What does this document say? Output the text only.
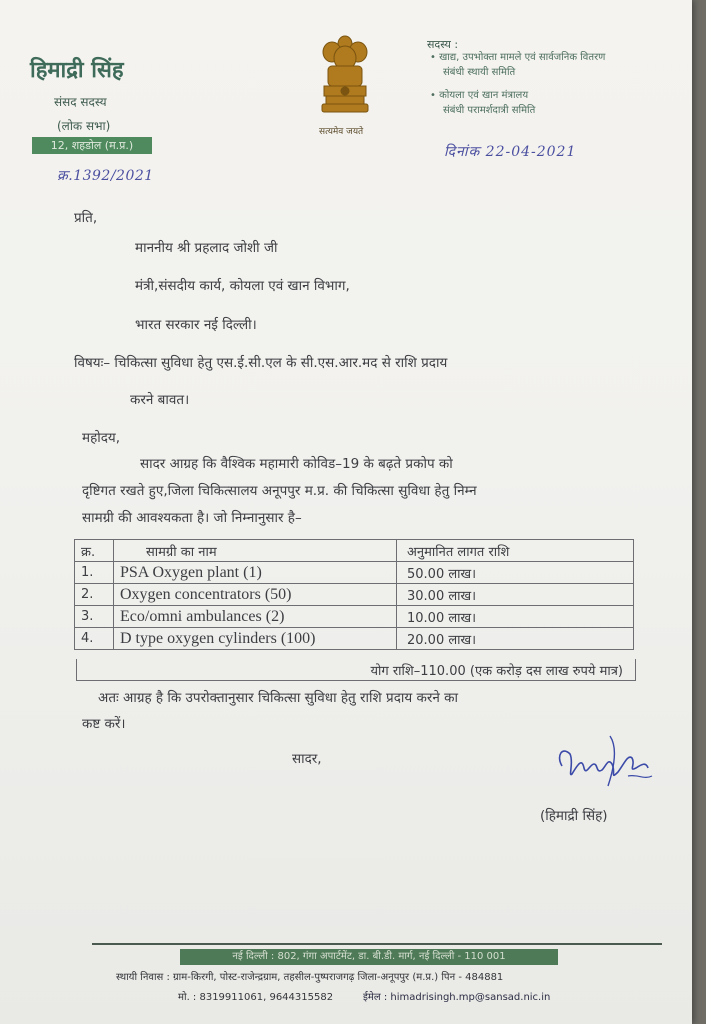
हिमाद्री सिंह
संसद सदस्य
(लोक सभा)
12, शहडोल (म.प्र.)
सत्यमेव जयते
सदस्य :
• खाद्य, उपभोक्ता मामले एवं सार्वजनिक वितरण
संबंधी स्थायी समिति
• कोयला एवं खान मंत्रालय
संबंधी परामर्शदात्री समिति
दिनांक 22-04-2021
क्र.1392/2021
प्रति,
माननीय श्री प्रहलाद जोशी जी
मंत्री,संसदीय कार्य, कोयला एवं खान विभाग,
भारत सरकार नई दिल्ली।
विषयः– चिकित्सा सुविधा हेतु एस.ई.सी.एल के सी.एस.आर.मद से राशि प्रदाय
करने बावत।
महोदय,
सादर आग्रह कि वैश्विक महामारी कोविड–19 के बढ़ते प्रकोप को
दृष्टिगत रखते हुए,जिला चिकित्सालय अनूपपुर म.प्र. की चिकित्सा सुविधा हेतु निम्न
सामग्री की आवश्यकता है। जो निम्नानुसार है–
क्र.	सामग्री का नाम	अनुमानित लागत राशि
1.	PSA Oxygen plant (1)	50.00 लाख।
2.	Oxygen concentrators (50)	30.00 लाख।
3.	Eco/omni ambulances (2)	10.00 लाख।
4.	D type oxygen cylinders (100)	20.00 लाख।
योग राशि–110.00 (एक करोड़ दस लाख रुपये मात्र)
अतः आग्रह है कि उपरोक्तानुसार चिकित्सा सुविधा हेतु राशि प्रदाय करने का
कष्ट करें।
सादर,
(हिमाद्री सिंह)
नई दिल्ली : 802, गंगा अपार्टमेंट, डा. बी.डी. मार्ग, नई दिल्ली - 110 001
स्थायी निवास : ग्राम-किरगी, पोस्ट-राजेन्द्रग्राम, तहसील-पुष्पराजगढ़ जिला-अनूपपुर (म.प्र.) पिन - 484881
मो. : 8319911061, 9644315582	ईमेल : himadrisingh.mp@sansad.nic.in
